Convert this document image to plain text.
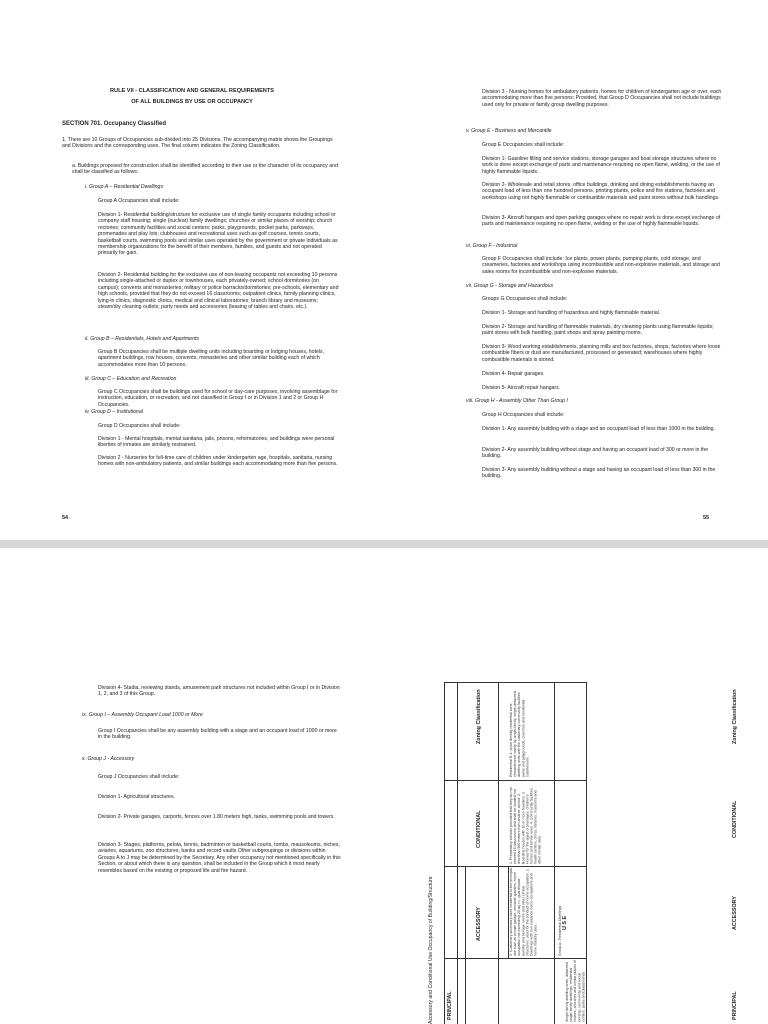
RULE VII - CLASSIFICATION AND GENERAL REQUIREMENTS
OF ALL BUILDINGS BY USE OR OCCUPANCY
SECTION 701. Occupancy Classified
1. There are 10 Groups of Occupancies sub-divided into 25 Divisions. The accompanying matrix shows the Groupings and Divisions and the corresponding uses. The final column indicates the Zoning Classification.
a. Buildings proposed for construction shall be identified according to their use or the character of its occupancy and shall be classified as follows:
i. Group A – Residential Dwellings
Group A Occupancies shall include:
Division 1- Residential building/structure for exclusive use of single family occupants including school or company staff housing; single (nuclear) family dwellings; churches or similar places of worship; church rectories; community facilities and social centers; parks, playgrounds, pocket parks, parkways, promenades and play lots; clubhouses and recreational uses such as golf courses, tennis courts, basketball courts, swimming pools and similar uses operated by the government or private individuals as membership organizations for the benefit of their members, families, and guests and not operated primarily for gain.
Division 2- Residential building for the exclusive use of non-leasing occupants not exceeding 10 persons including single-attached or duplex or townhouses, each privately-owned; school dormitories (on campus); convents and monasteries; military or police barracks/dormitories; pre-schools, elementary and high schools, provided that they do not exceed 16 classrooms; outpatient clinics, family planning clinics, lying-in clinics, diagnostic clinics, medical and clinical laboratories; branch library and museums; steam/dry cleaning outlets; party needs and accessories (leasing of tables and chairs, etc.).
ii. Group B – Residentials, Hotels and Apartments
Group B Occupancies shall be multiple dwelling units including boarding or lodging houses, hotels, apartment buildings, row houses, convents, monasteries and other similar building each of which accommodates more than 10 persons.
iii. Group C – Education and Recreation
Group C Occupancies shall be buildings used for school or day-care purposes, involving assemblage for instruction, education, or recreation, and not classified in Group I or in Division 1 and 2 or Group H Occupancies.
iv. Group D – Institutional
Group D Occupancies shall include:
Division 1 - Mental hospitals, mental sanitaria, jails, prisons, reformatories, and buildings were personal liberties of inmates are similarly restrained.
Division 2 - Nurseries for full-time care of children under kindergarten age, hospitals, sanitaria, nursing homes with non-ambulatory patients, and similar buildings each accommodating more than five persons.
54
Division 3 - Nursing homes for ambulatory patients, homes for children of kindergarten age or over, each accommodating more than five persons: Provided, that Group D Occupancies shall not include buildings used only for private or family group dwelling purposes.
v. Group E - Business and Mercantile
Group E Occupancies shall include:
Division 1- Gasoline filling and service stations, storage garages and boat storage structures where no work is done except exchange of parts and maintenance requiring no open flame, welding, or the use of highly flammable liquids.
Division 2- Wholesale and retail stores, office buildings, drinking and dining establishments having an occupant load of less than one hundred persons, printing plants, police and fire stations, factories and workshops using not highly flammable or combustible materials and paint stores without bulk handlings.
Division 3- Aircraft hangars and open parking garages where no repair work is done except exchange of parts and maintenance requiring no open flame, welding or the use of highly flammable liquids.
vi. Group F - Industrial
Group F Occupancies shall include: Ice plants, power plants, pumping plants, cold storage, and creameries, factories and workshops using incombustible and non-explosive materials, and storage and sales rooms for incombustible and non-explosive materials.
vii. Group G - Storage and Hazardous
Groups G Occupancies shall include:
Division 1- Storage and handling of hazardous and highly flammable material.
Division 2- Storage and handling of flammable materials, dry cleaning plants using flammable liquids; paint stores with bulk handling, paint shops and spray painting rooms.
Division 3- Wood working establishments, planning mills and box factories, shops, factories where loose combustible fibers or dust are manufactured, processed or generated; warehouses where highly combustible materials is stored.
Division 4- Repair garages.
Division 5- Aircraft repair hangars.
viii. Group H - Assembly Other Than Group I
Group H Occupancies shall include:
Division 1- Any assembly building with a stage and an occupant load of less than 1000 in the building.
Division 2- Any assembly building without stage and having an occupant load of 300 or more in the building.
Division 3- Any assembly building without a stage and having an occupant load of less than 300 in the building.
55
Division 4- Stadia, reviewing stands, amusement park structures not included within Group I or in Division 1, 2, and 3 of this Group.
ix. Group I – Assembly Occupant Load 1000 or More
Group I Occupancies shall be any assembly building with a stage and an occupant load of 1000 or more in the building.
x. Group J - Accessory
Group J Occupancies shall include:
Division 1- Agricultural structures.
Division 2- Private garages, carports, fences over 1.80 meters high, tanks, swimming pools and towers.
Division 3- Stages, platforms, pelota, tennis, badminton or basketball courts, tombs, mausoleums, niches, aviaries, aquariums, zoo structures, banks and record vaults Other subgroupings or divisions within Groups A to J may be determined by the Secretary. Any other occupancy not mentioned specifically in this Section, or about which there is any question, shall be included in the Group which it most nearly resembles based on the existing or proposed life and fire hazard.
Accessory and Conditional Use Occupancy of Building/Structure PRINCIPAL
U S E
ACCESSORY
CONDITIONAL
Zoning Classification
PRINCIPAL
ACCESSORY
CONDITIONAL
Zoning Classification
Group A - Residential Dwellings
Single family dwelling units, detached single-family dwellings, residential houses, churches and similar places of worship, community and social centers, parks and playgrounds.
1. Customary accessory uses incidental to the principal use such as private garage, servants quarters, home occupation not exceeding 20 sq. m., guardhouse, laundry and storage rooms and other similar structures, used for the conduct of home occupation. 2. Dwellings with non-nuisance home occupations and home industry uses.
1. Preparatory schools provided that they do not exceed 16 classrooms and shall be located not less than 500 meters from another school. 2. Boarding houses with 10 or more boarders. 3. Homes for the aged, orphanages, children's homes and similar uses. 4. Community facilities, health centers, clinics, libraries, museums and other similar uses.
Residential R-1: a low density residential zone characterized mainly by single-family, single-detached dwelling units with the customary community facilities, parks and playgrounds, churches and residential subdivisions.
